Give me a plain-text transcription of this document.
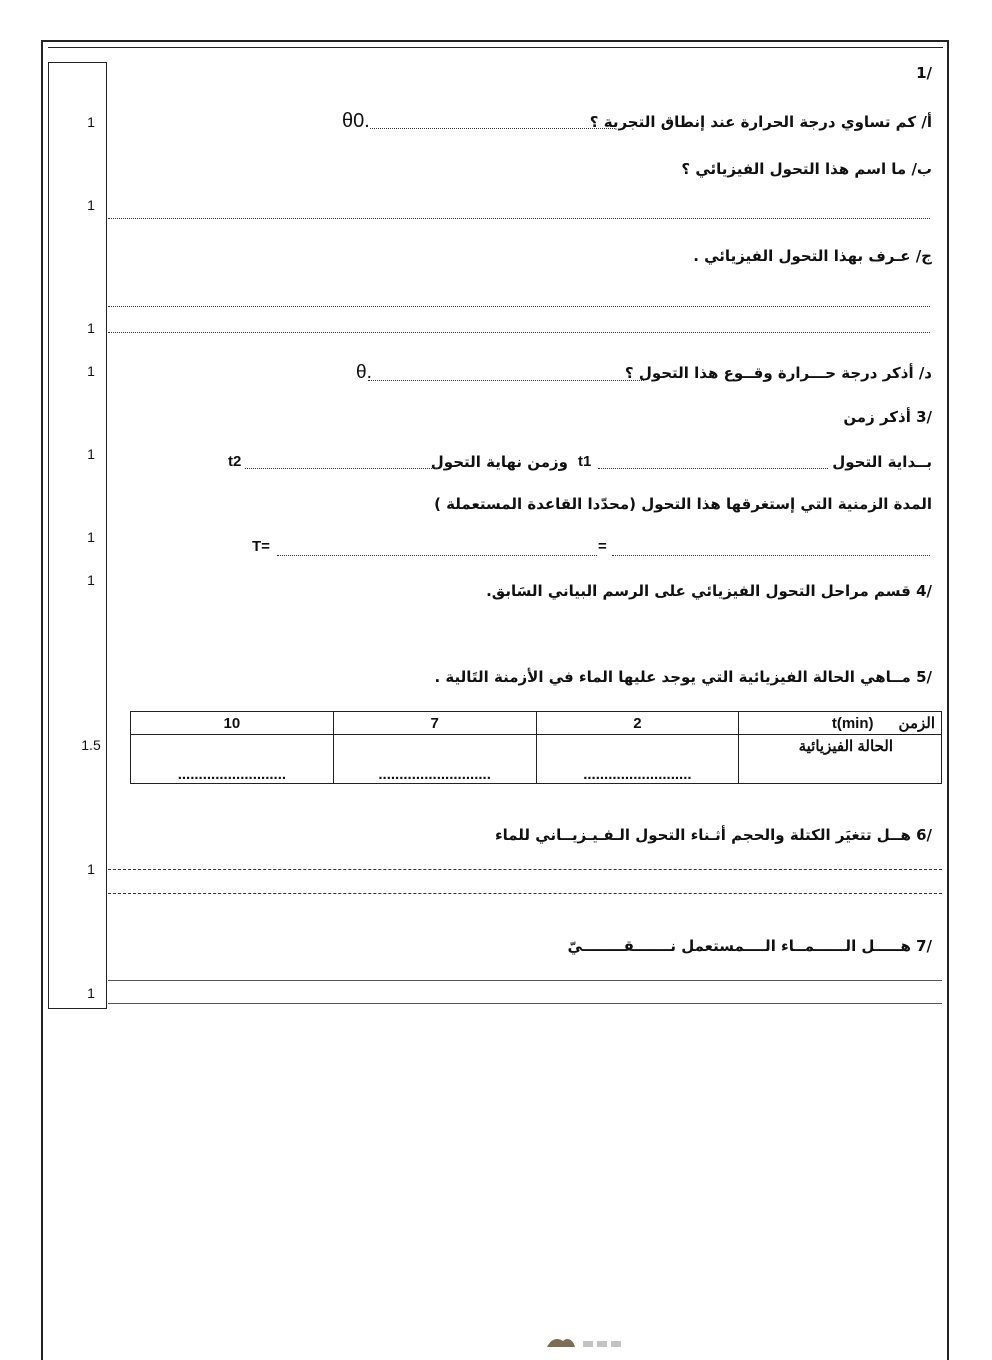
1
1
1
1
1
1
1
1.5
1
1
/1
أ/ كم تساوي درجة الحرارة عند إنطاق التجربة ؟
θ0.
ب/ ما اسم هذا التحول الفيزيائي ؟
ج/ عـرف بهذا التحول الفيزيائي .
د/ أذكر درجة حـــرارة وقــوع هذا التحول ؟
θ.
/3 أذكر زمن
بــداية التحول
t1
وزمن نهاية التحول
t2
المدة الزمنية التي إستغرقها هذا التحول (محدّدا القاعدة المستعملة )
T=	=
/4 قسم مراحل التحول الفيزيائي على الرسم البياني السَابق.
/5 مــاهي الحالة الفيزيائية التي يوجد عليها الماء في الأزمنة التَالية .
10	7	2	الزمن      t(min)
..........................	...........................	..........................	الحالة الفيزيائية
/6 هــل تتغيَر الكتلة والحجم أثـناء التحول الـفـيـزيــاني للماء
/7 هـــــل الــــــمــاء الــــمستعمل نـــــــقــــــــيّ
